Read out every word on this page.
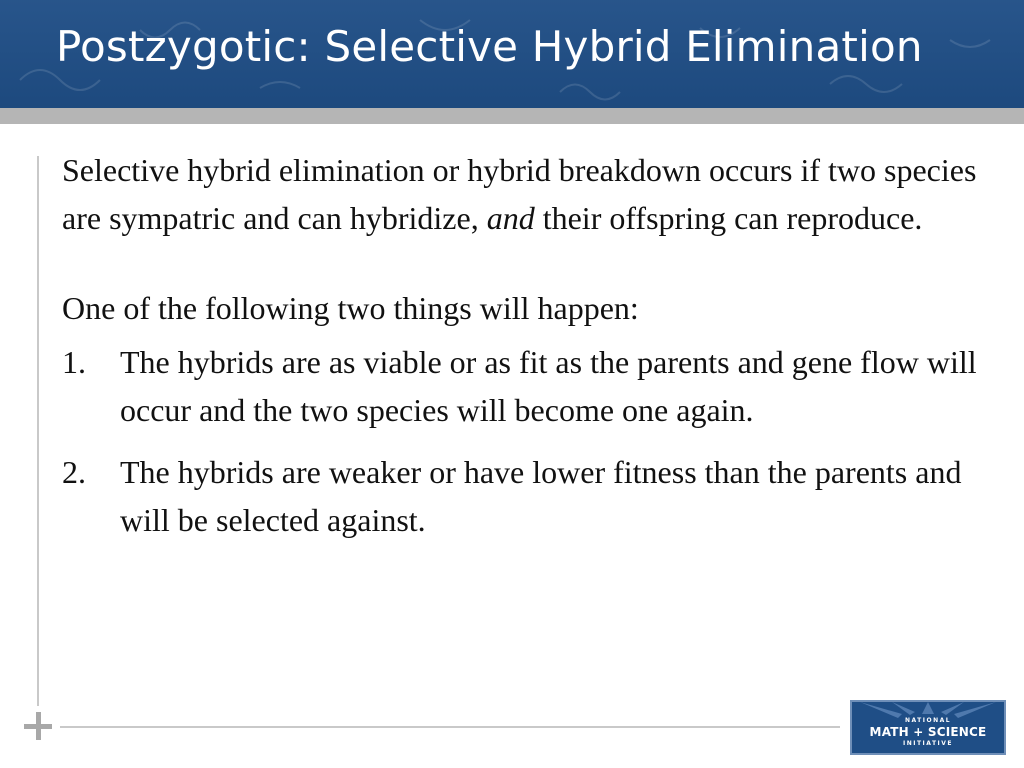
Postzygotic: Selective Hybrid Elimination

Selective hybrid elimination or hybrid breakdown occurs if two species are sympatric and can hybridize, and their offspring can reproduce.

One of the following two things will happen:

1. The hybrids are as viable or as fit as the parents and gene flow will occur and the two species will become one again.
2. The hybrids are weaker or have lower fitness than the parents and will be selected against.
NATIONAL
MATH + SCIENCE
INITIATIVE
